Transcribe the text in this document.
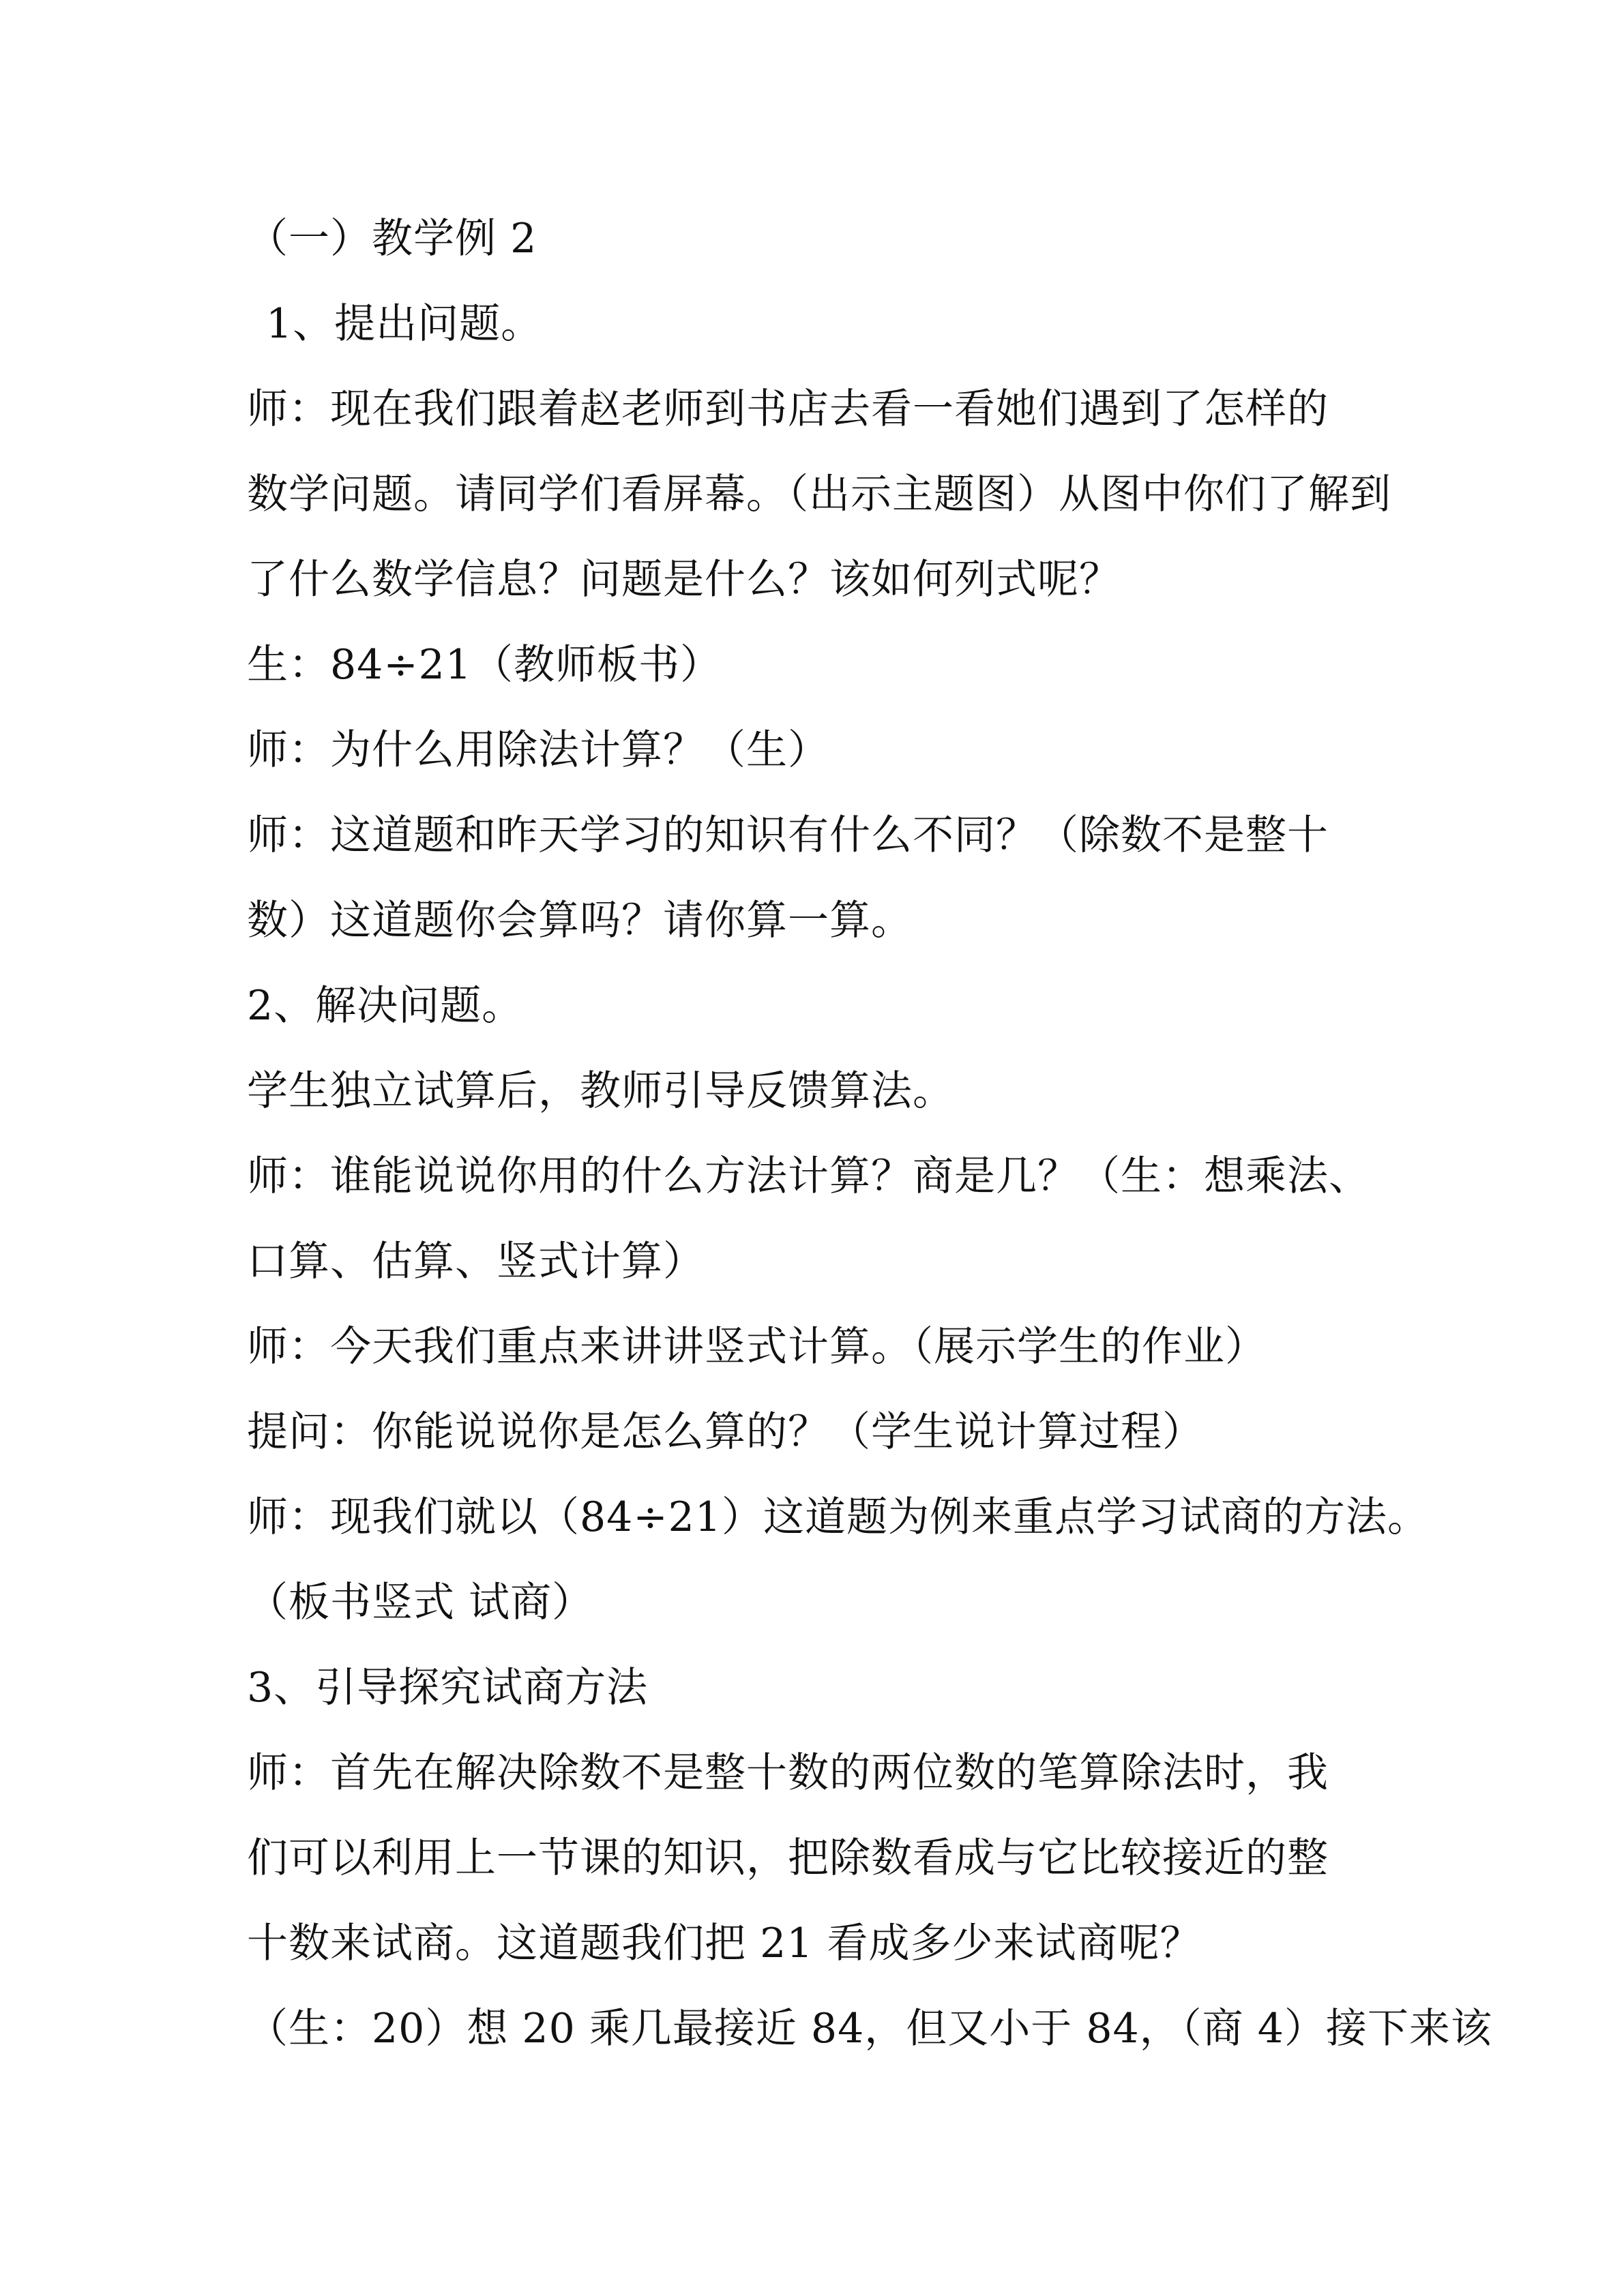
（一）教学例 2
1、提出问题。
师：现在我们跟着赵老师到书店去看一看她们遇到了怎样的
数学问题。请同学们看屏幕。（出示主题图）从图中你们了解到
了什么数学信息？问题是什么？该如何列式呢？
生：84÷21（教师板书）
师：为什么用除法计算？（生）
师：这道题和昨天学习的知识有什么不同？（除数不是整十
数）这道题你会算吗？请你算一算。
2、解决问题。
学生独立试算后，教师引导反馈算法。
师：谁能说说你用的什么方法计算？商是几？（生：想乘法、
口算、估算、竖式计算）
师：今天我们重点来讲讲竖式计算。（展示学生的作业）
提问：你能说说你是怎么算的？（学生说计算过程）
师：现我们就以（84÷21）这道题为例来重点学习试商的方法。
（板书竖式 试商）
3、引导探究试商方法
师：首先在解决除数不是整十数的两位数的笔算除法时，我
们可以利用上一节课的知识，把除数看成与它比较接近的整
十数来试商。这道题我们把 21 看成多少来试商呢？
（生：20）想 20 乘几最接近 84，但又小于 84，（商 4）接下来该
